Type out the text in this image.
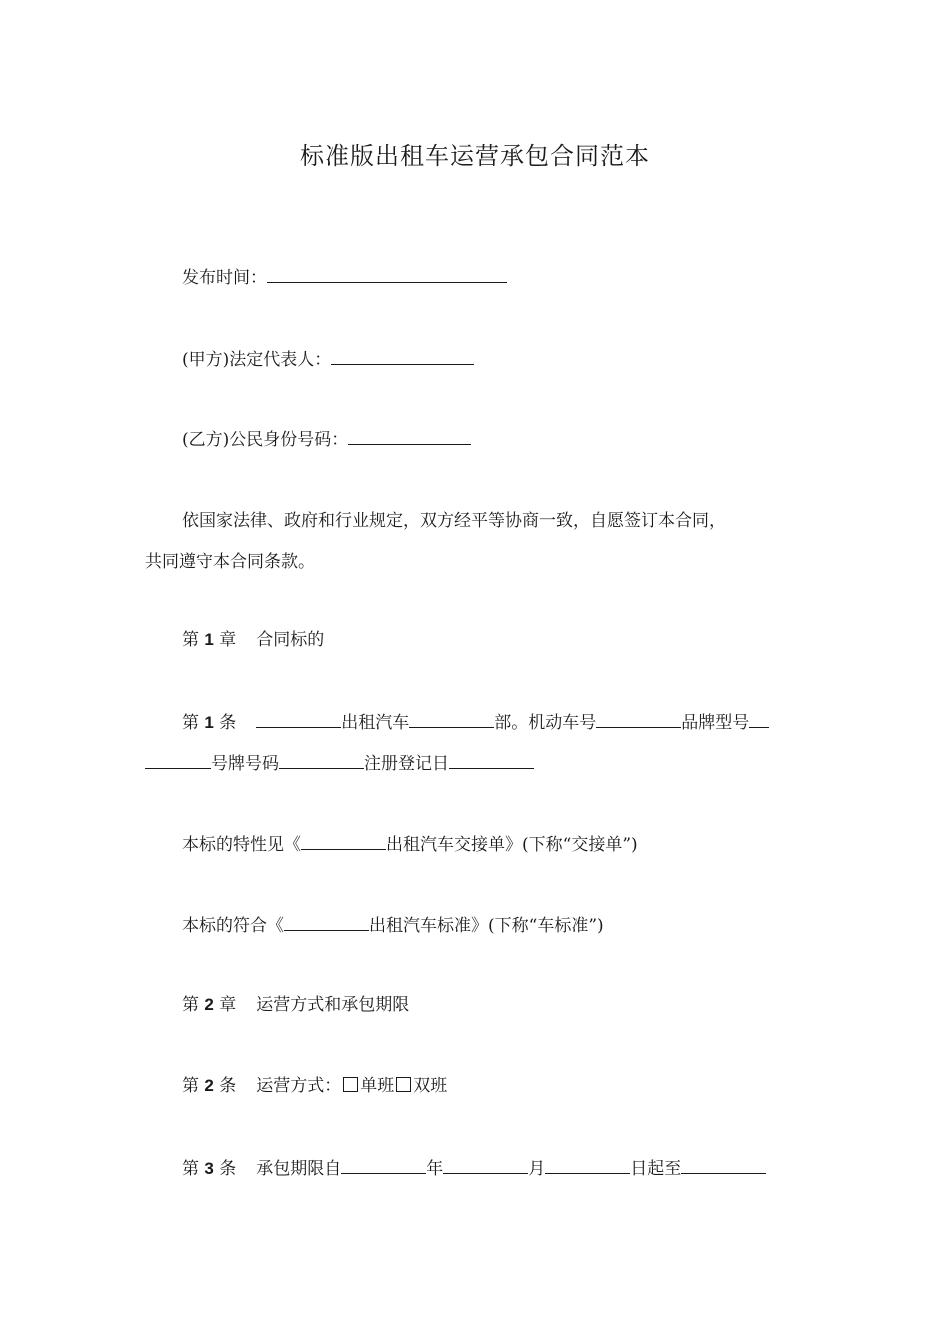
标准版出租车运营承包合同范本
发布时间：
(甲方)法定代表人：
(乙方)公民身份号码：
依国家法律、政府和行业规定，双方经平等协商一致，自愿签订本合同，
共同遵守本合同条款。
第 1 章 合同标的
第 1 条	出租汽车	部。机动车号	品牌型号
号牌号码	注册登记日
本标的特性见《	出租汽车交接单》(下称“交接单”)
本标的符合《	出租汽车标准》(下称“车标准”)
第 2 章 运营方式和承包期限
第 2 条 运营方式： 单班 双班
第 3 条 承包期限自	年	月	日起至
